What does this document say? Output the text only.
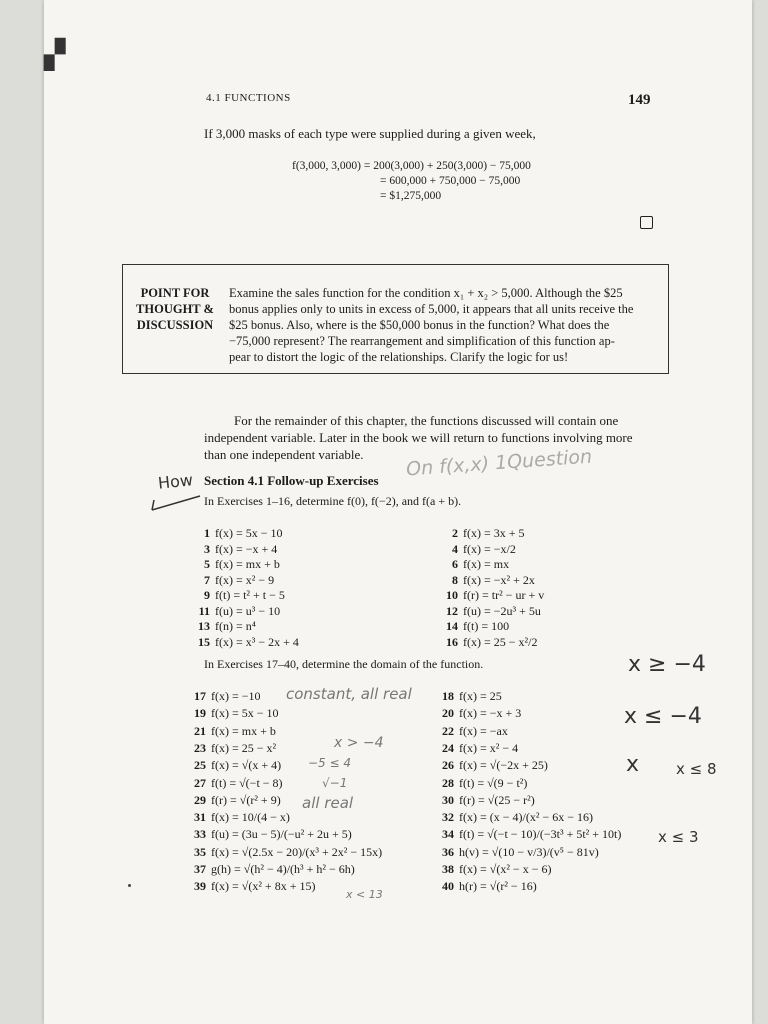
▞
4.1 FUNCTIONS	149
If 3,000 masks of each type were supplied during a given week,
f(3,000, 3,000) = 200(3,000) + 250(3,000) − 75,000
= 600,000 + 750,000 − 75,000
= $1,275,000
POINT FOR
THOUGHT &
DISCUSSION
Examine the sales function for the condition x₁ + x₂ > 5,000. Although the $25
bonus applies only to units in excess of 5,000, it appears that all units receive the
$25 bonus. Also, where is the $50,000 bonus in the function? What does the
−75,000 represent? The rearrangement and simplification of this function ap-
pear to distort the logic of the relationships. Clarify the logic for us!
For the remainder of this chapter, the functions discussed will contain one
independent variable. Later in the book we will return to functions involving more
than one independent variable.
How
On f(x,x) 1Question
Section 4.1 Follow-up Exercises
In Exercises 1–16, determine f(0), f(−2), and f(a + b).
1 f(x) = 5x − 10
3 f(x) = −x + 4
5 f(x) = mx + b
7 f(x) = x² − 9
9 f(t) = t² + t − 5
11 f(u) = u³ − 10
13 f(n) = n⁴
15 f(x) = x³ − 2x + 4
2 f(x) = 3x + 5
4 f(x) = −x/2
6 f(x) = mx
8 f(x) = −x² + 2x
10 f(r) = tr² − ur + v
12 f(u) = −2u³ + 5u
14 f(t) = 100
16 f(x) = 25 − x²/2
In Exercises 17–40, determine the domain of the function.
17 f(x) = −10
19 f(x) = 5x − 10
21 f(x) = mx + b
23 f(x) = 25 − x²
25 f(x) = √(x + 4)
27 f(t) = √(−t − 8)
29 f(r) = √(r² + 9)
31 f(x) = 10/(4 − x)
33 f(u) = (3u − 5)/(−u² + 2u + 5)
35 f(x) = √(2.5x − 20)/(x³ + 2x² − 15x)
37 g(h) = √(h² − 4)/(h³ + h² − 6h)
39 f(x) = √(x² + 8x + 15)
18 f(x) = 25
20 f(x) = −x + 3
22 f(x) = −ax
24 f(x) = x² − 4
26 f(x) = √(−2x + 25)
28 f(t) = √(9 − t²)
30 f(r) = √(25 − r²)
32 f(x) = (x − 4)/(x² − 6x − 16)
34 f(t) = √(−t − 10)/(−3t³ + 5t² + 10t)
36 h(v) = √(10 − v/3)/(v⁵ − 81v)
38 f(x) = √(x² − x − 6)
40 h(r) = √(r² − 16)
constant, all real
x > −4
−5 ≤ 4
√−1
all real
x < 13
x ≥ −4
x ≤ −4
x x ≤ 8
x ≤ 3
